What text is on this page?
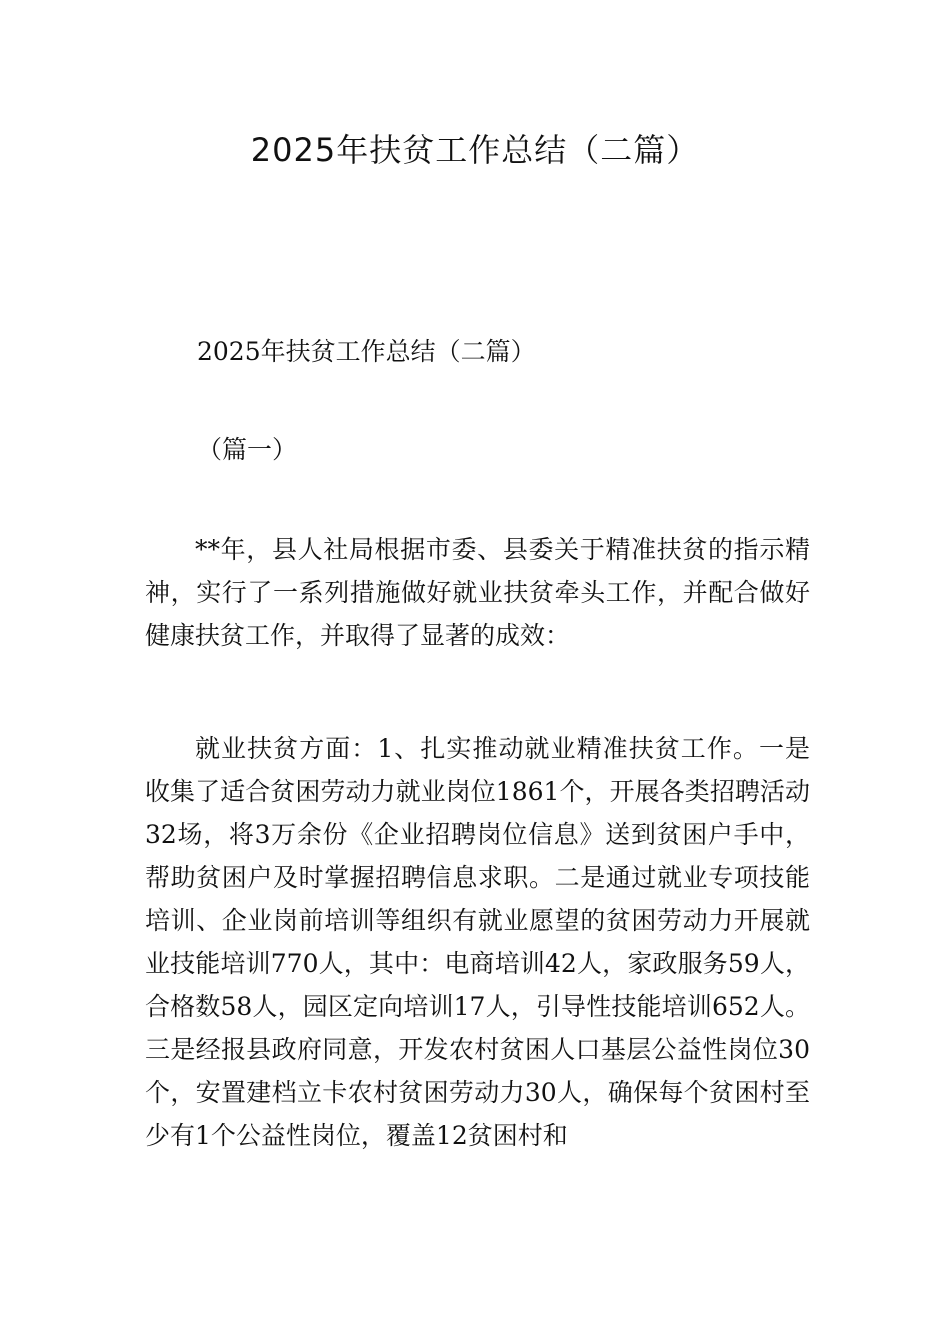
2025年扶贫工作总结（二篇）

2025年扶贫工作总结（二篇）

（篇一）

**年，县人社局根据市委、县委关于精准扶贫的指示精神，实行了一系列措施做好就业扶贫牵头工作，并配合做好健康扶贫工作，并取得了显著的成效：

就业扶贫方面：1、扎实推动就业精准扶贫工作。一是收集了适合贫困劳动力就业岗位1861个，开展各类招聘活动32场，将3万余份《企业招聘岗位信息》送到贫困户手中，帮助贫困户及时掌握招聘信息求职。二是通过就业专项技能培训、企业岗前培训等组织有就业愿望的贫困劳动力开展就业技能培训770人，其中：电商培训42人，家政服务59人，合格数58人，园区定向培训17人，引导性技能培训652人。三是经报县政府同意，开发农村贫困人口基层公益性岗位30个，安置建档立卡农村贫困劳动力30人，确保每个贫困村至少有1个公益性岗位，覆盖12贫困村和
